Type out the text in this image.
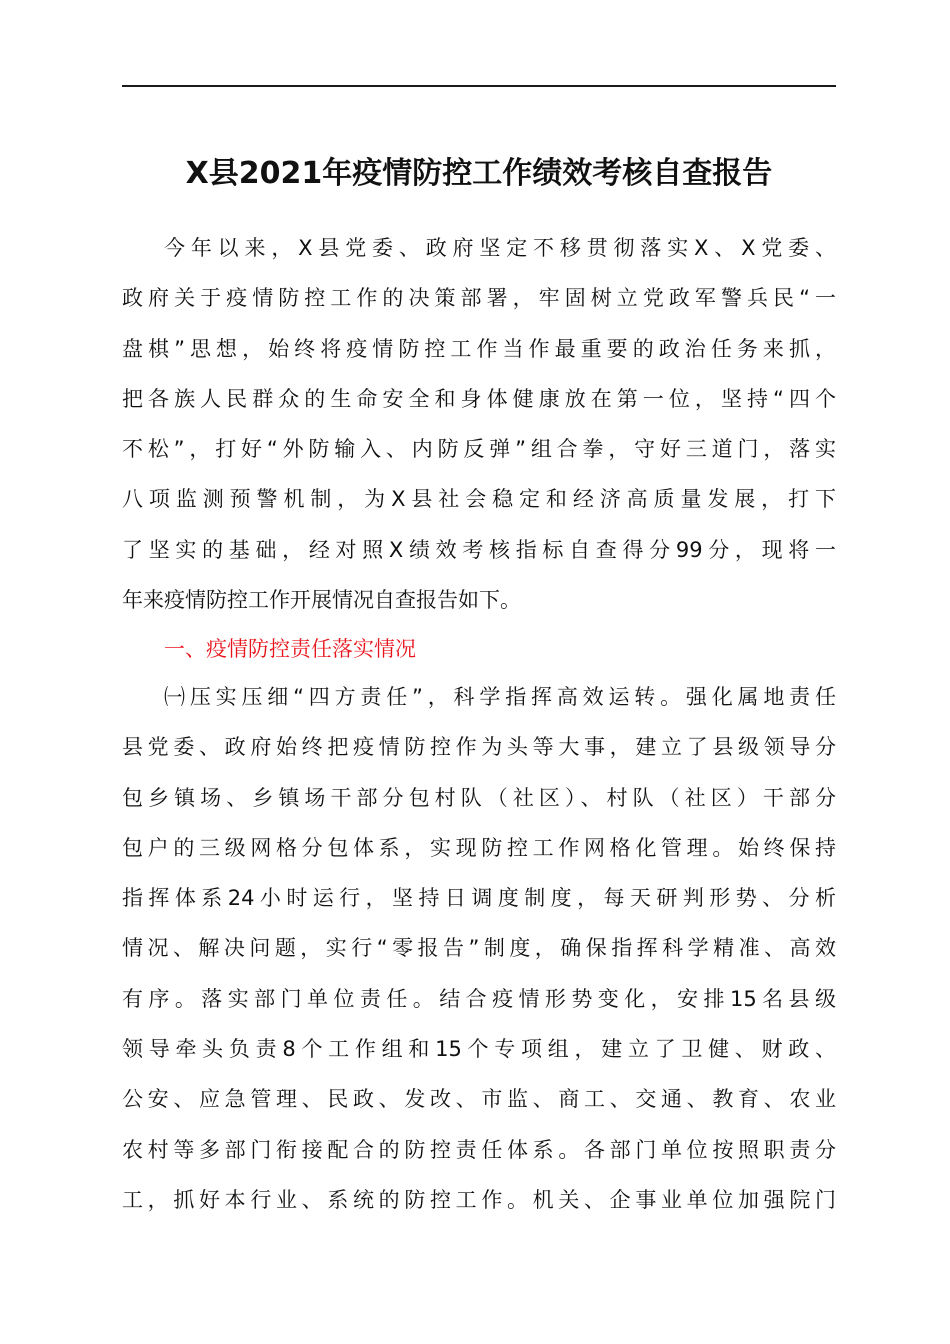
X县2021年疫情防控工作绩效考核自查报告
今年以来，X县党委、政府坚定不移贯彻落实X、X党委、
政府关于疫情防控工作的决策部署，牢固树立党政军警兵民“一
盘棋”思想，始终将疫情防控工作当作最重要的政治任务来抓，
把各族人民群众的生命安全和身体健康放在第一位，坚持“四个
不松”，打好“外防输入、内防反弹”组合拳，守好三道门，落实
八项监测预警机制，为X县社会稳定和经济高质量发展，打下
了坚实的基础，经对照X绩效考核指标自查得分99分，现将一
年来疫情防控工作开展情况自查报告如下。
一、疫情防控责任落实情况
㈠压实压细“四方责任”，科学指挥高效运转。强化属地责任
县党委、政府始终把疫情防控作为头等大事，建立了县级领导分
包乡镇场、乡镇场干部分包村队（社区）、村队（社区）干部分
包户的三级网格分包体系，实现防控工作网格化管理。始终保持
指挥体系24小时运行，坚持日调度制度，每天研判形势、分析
情况、解决问题，实行“零报告”制度，确保指挥科学精准、高效
有序。落实部门单位责任。结合疫情形势变化，安排15名县级
领导牵头负责8个工作组和15个专项组，建立了卫健、财政、
公安、应急管理、民政、发改、市监、商工、交通、教育、农业
农村等多部门衔接配合的防控责任体系。各部门单位按照职责分
工，抓好本行业、系统的防控工作。机关、企事业单位加强院门
